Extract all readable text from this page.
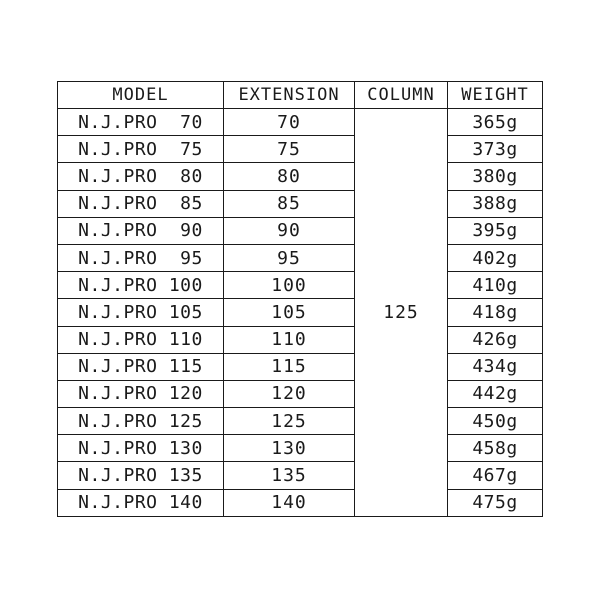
MODEL	EXTENSION	COLUMN	WEIGHT
N.J.PRO  70	70	125	365g
N.J.PRO  75	75		373g
N.J.PRO  80	80		380g
N.J.PRO  85	85		388g
N.J.PRO  90	90		395g
N.J.PRO  95	95		402g
N.J.PRO 100	100		410g
N.J.PRO 105	105		418g
N.J.PRO 110	110		426g
N.J.PRO 115	115		434g
N.J.PRO 120	120		442g
N.J.PRO 125	125		450g
N.J.PRO 130	130		458g
N.J.PRO 135	135		467g
N.J.PRO 140	140		475g
